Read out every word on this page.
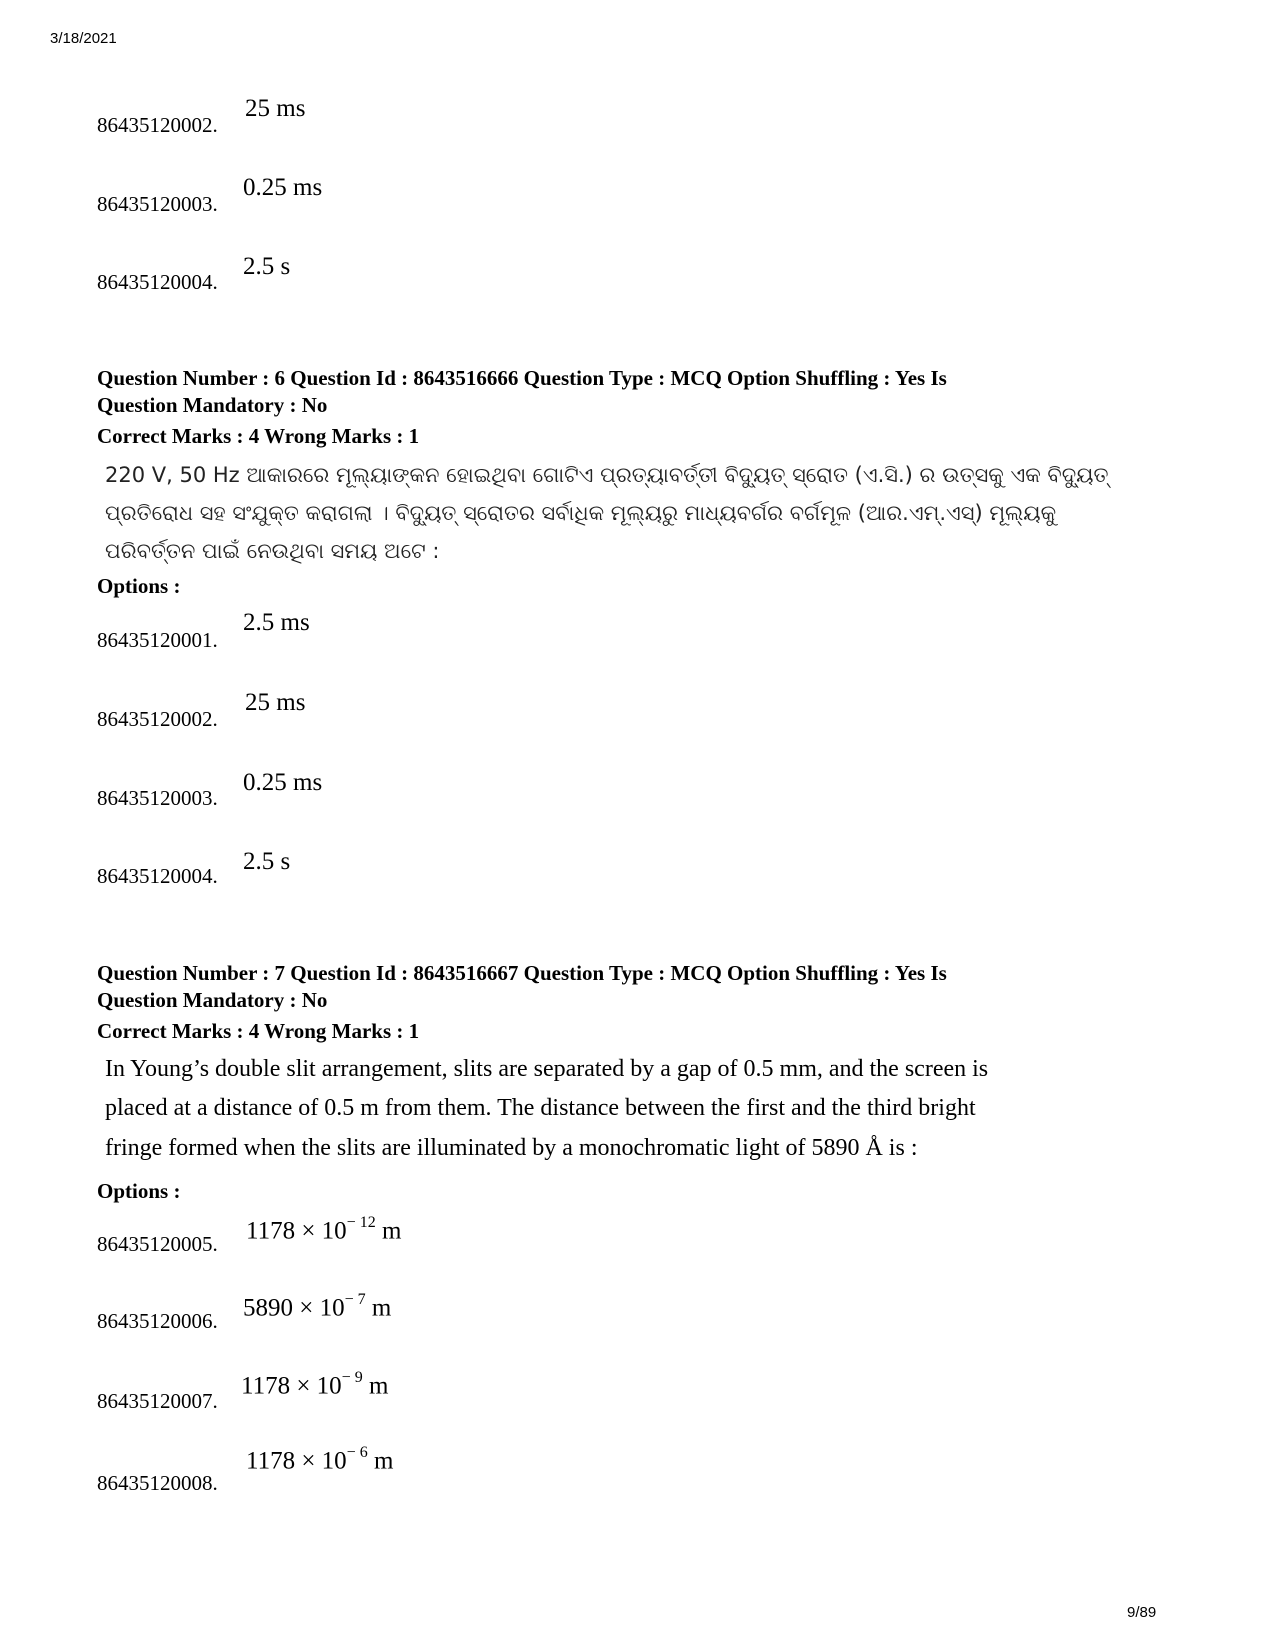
3/18/2021
86435120002.
25 ms
86435120003.
0.25 ms
86435120004.
2.5 s
Question Number : 6 Question Id : 8643516666 Question Type : MCQ Option Shuffling : Yes Is
Question Mandatory : No
Correct Marks : 4 Wrong Marks : 1
220 V, 50 Hz ଆକାରରେ ମୂଲ୍ୟାଙ୍କନ ହୋଇଥିବା ଗୋଟିଏ ପ୍ରତ୍ୟାବର୍ତ୍ତୀ ବିଦ୍ୟୁତ୍ ସ୍ରୋତ (ଏ.ସି.) ର ଉତ୍ସକୁ ଏକ ବିଦ୍ୟୁତ୍ ପ୍ରତିରୋଧ ସହ ସଂଯୁକ୍ତ କରାଗଲା । ବିଦ୍ୟୁତ୍ ସ୍ରୋତର ସର୍ବାଧିକ ମୂଲ୍ୟରୁ ମାଧ୍ୟବର୍ଗର ବର୍ଗମୂଳ (ଆର.ଏମ୍.ଏସ୍) ମୂଲ୍ୟକୁ ପରିବର୍ତ୍ତନ ପାଇଁ ନେଉଥିବା ସମୟ ଅଟେ :
Options :
86435120001.
2.5 ms
86435120002.
25 ms
86435120003.
0.25 ms
86435120004.
2.5 s
Question Number : 7 Question Id : 8643516667 Question Type : MCQ Option Shuffling : Yes Is
Question Mandatory : No
Correct Marks : 4 Wrong Marks : 1
In Young’s double slit arrangement, slits are separated by a gap of 0.5 mm, and the screen is
placed at a distance of 0.5 m from them. The distance between the first and the third bright
fringe formed when the slits are illuminated by a monochromatic light of 5890 Å is :
Options :
86435120005. $1178 \times 10^{- 12}$ m
86435120006. $5890 \times 10^{- 7}$ m
86435120007.
$1178 \times 10^{- 9}$ m
86435120008.
$1178 \times 10^{- 6}$ m
9/89
